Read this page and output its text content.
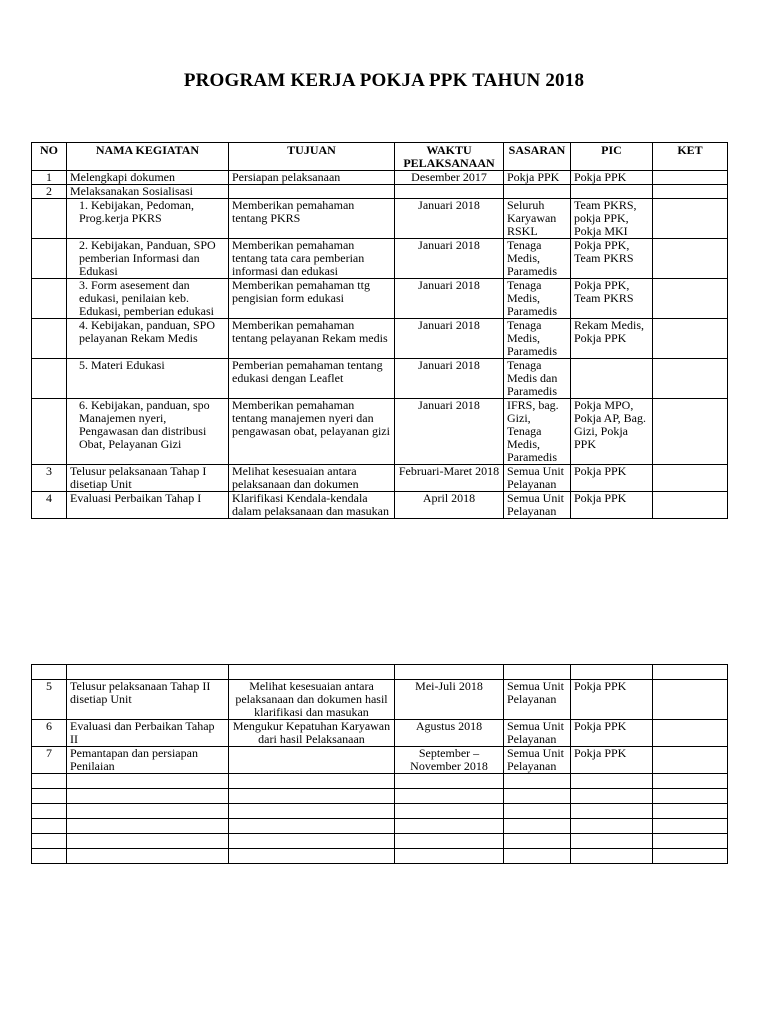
PROGRAM KERJA POKJA PPK TAHUN 2018
NO	NAMA KEGIATAN	TUJUAN	WAKTU PELAKSANAAN	SASARAN	PIC	KET
1	Melengkapi dokumen	Persiapan pelaksanaan	Desember 2017	Pokja PPK	Pokja PPK	
2	Melaksanakan Sosialisasi					
	1. Kebijakan, Pedoman, Prog.kerja PKRS	Memberikan pemahaman tentang PKRS	Januari 2018	Seluruh Karyawan RSKL	Team PKRS, pokja PPK, Pokja MKI	
	2. Kebijakan, Panduan, SPO pemberian Informasi dan Edukasi	Memberikan pemahaman tentang tata cara pemberian informasi dan edukasi	Januari 2018	Tenaga Medis, Paramedis	Pokja PPK, Team PKRS	
	3. Form asesement dan edukasi, penilaian keb. Edukasi, pemberian edukasi	Memberikan pemahaman ttg pengisian form edukasi	Januari 2018	Tenaga Medis, Paramedis	Pokja PPK, Team PKRS	
	4. Kebijakan, panduan, SPO pelayanan Rekam Medis	Memberikan pemahaman tentang pelayanan Rekam medis	Januari 2018	Tenaga Medis, Paramedis	Rekam Medis, Pokja PPK	
	5. Materi Edukasi	Pemberian pemahaman tentang edukasi dengan Leaflet	Januari 2018	Tenaga Medis dan Paramedis		
	6. Kebijakan, panduan, spo Manajemen nyeri, Pengawasan dan distribusi Obat, Pelayanan Gizi	Memberikan pemahaman tentang manajemen nyeri dan pengawasan obat, pelayanan gizi	Januari 2018	IFRS, bag. Gizi, Tenaga Medis, Paramedis	Pokja MPO, Pokja AP, Bag. Gizi, Pokja PPK	
3	Telusur pelaksanaan Tahap I disetiap Unit	Melihat kesesuaian antara pelaksanaan dan dokumen	Februari-Maret 2018	Semua Unit Pelayanan	Pokja PPK	
4	Evaluasi Perbaikan Tahap I	Klarifikasi Kendala-kendala dalam pelaksanaan dan masukan	April 2018	Semua Unit Pelayanan	Pokja PPK	

5	Telusur pelaksanaan Tahap II disetiap Unit	Melihat kesesuaian antara pelaksanaan dan dokumen hasil klarifikasi dan masukan	Mei-Juli 2018	Semua Unit Pelayanan	Pokja PPK	
6	Evaluasi dan Perbaikan Tahap II	Mengukur Kepatuhan Karyawan dari hasil Pelaksanaan	Agustus 2018	Semua Unit Pelayanan	Pokja PPK	
7	Pemantapan dan persiapan Penilaian		September – November 2018	Semua Unit Pelayanan	Pokja PPK	
